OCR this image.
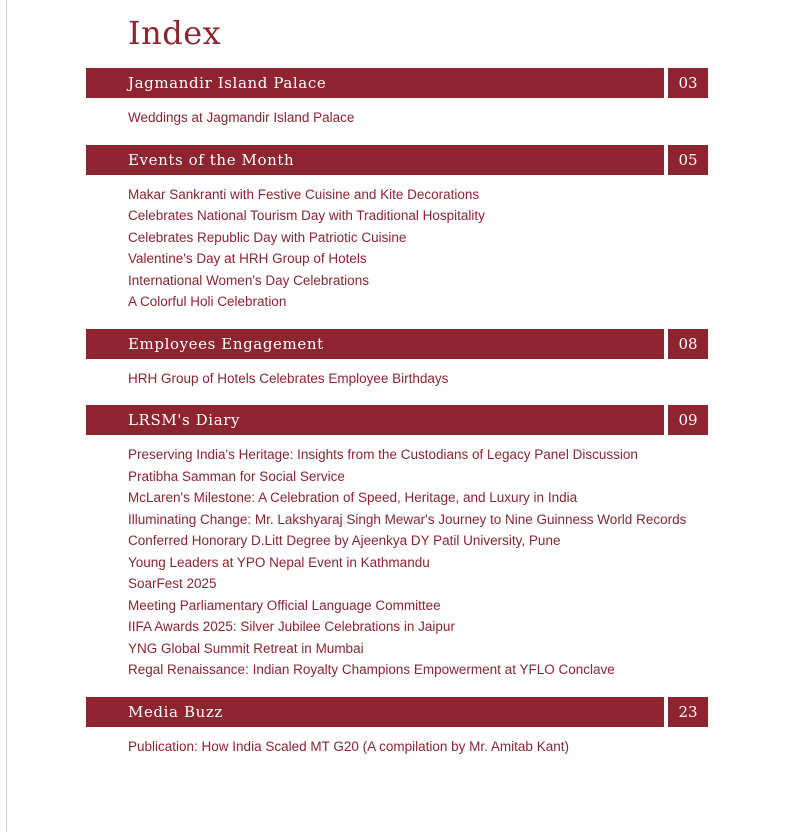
Index
Jagmandir Island Palace	03
Weddings at Jagmandir Island Palace
Events of the Month	05
Makar Sankranti with Festive Cuisine and Kite Decorations
Celebrates National Tourism Day with Traditional Hospitality
Celebrates Republic Day with Patriotic Cuisine
Valentine's Day at HRH Group of Hotels
International Women's Day Celebrations
A Colorful Holi Celebration
Employees Engagement	08
HRH Group of Hotels Celebrates Employee Birthdays
LRSM's Diary	09
Preserving India's Heritage: Insights from the Custodians of Legacy Panel Discussion
Pratibha Samman for Social Service
McLaren's Milestone: A Celebration of Speed, Heritage, and Luxury in India
Illuminating Change: Mr. Lakshyaraj Singh Mewar's Journey to Nine Guinness World Records
Conferred Honorary D.Litt Degree by Ajeenkya DY Patil University, Pune
Young Leaders at YPO Nepal Event in Kathmandu
SoarFest 2025
Meeting Parliamentary Official Language Committee
IIFA Awards 2025: Silver Jubilee Celebrations in Jaipur
YNG Global Summit Retreat in Mumbai
Regal Renaissance: Indian Royalty Champions Empowerment at YFLO Conclave
Media Buzz	23
Publication: How India Scaled MT G20 (A compilation by Mr. Amitab Kant)
